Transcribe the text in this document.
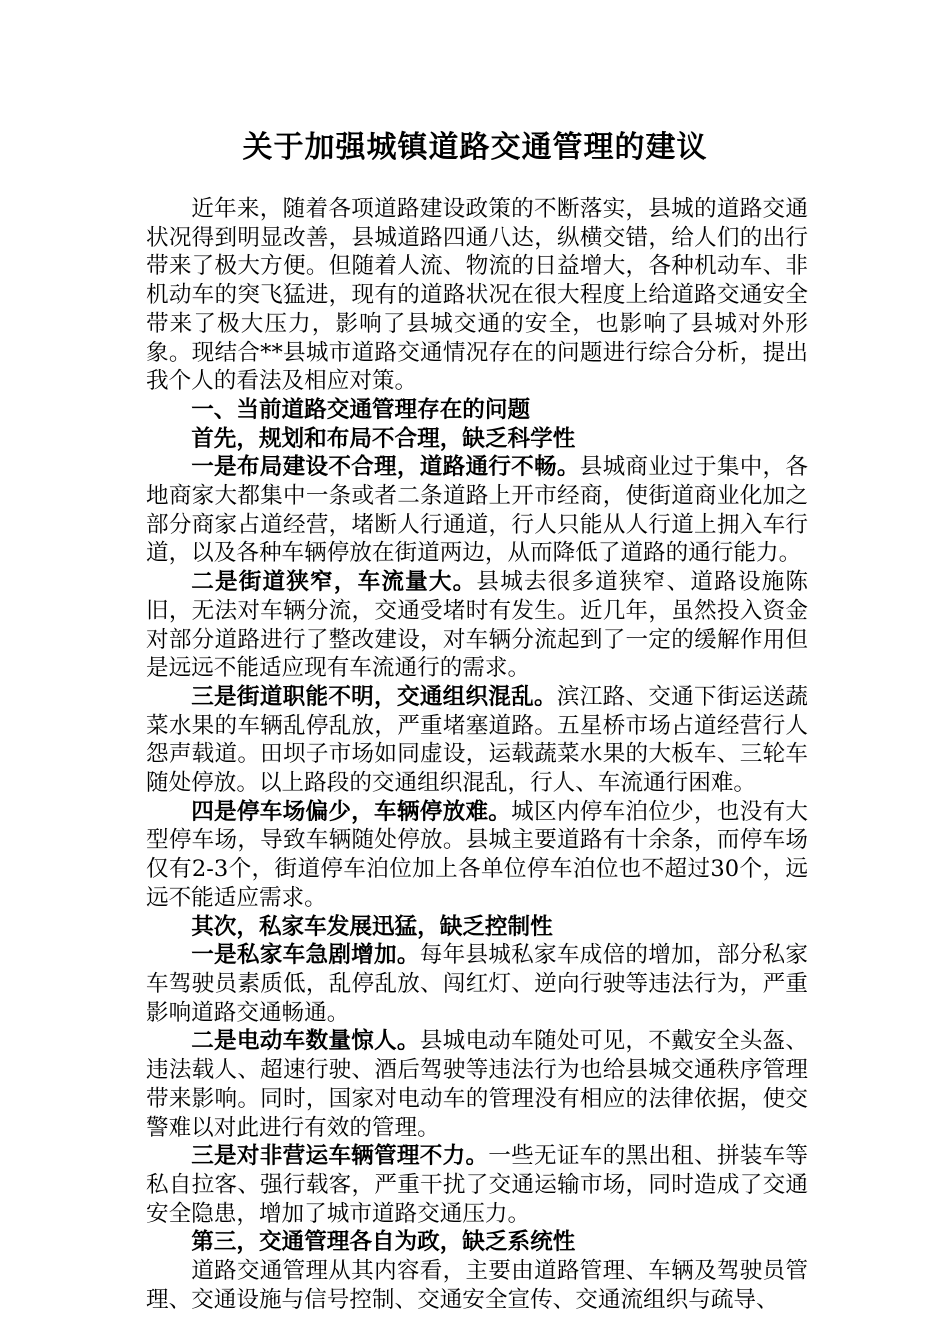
关于加强城镇道路交通管理的建议

近年来，随着各项道路建设政策的不断落实，县城的道路交通状况得到明显改善，县城道路四通八达，纵横交错，给人们的出行带来了极大方便。但随着人流、物流的日益增大，各种机动车、非机动车的突飞猛进，现有的道路状况在很大程度上给道路交通安全带来了极大压力，影响了县城交通的安全，也影响了县城对外形象。现结合**县城市道路交通情况存在的问题进行综合分析，提出我个人的看法及相应对策。

一、当前道路交通管理存在的问题

首先，规划和布局不合理，缺乏科学性

一是布局建设不合理，道路通行不畅。县城商业过于集中，各地商家大都集中一条或者二条道路上开市经商，使街道商业化加之部分商家占道经营，堵断人行通道，行人只能从人行道上拥入车行道，以及各种车辆停放在街道两边，从而降低了道路的通行能力。

二是街道狭窄，车流量大。县城去很多道狭窄、道路设施陈旧，无法对车辆分流，交通受堵时有发生。近几年，虽然投入资金对部分道路进行了整改建设，对车辆分流起到了一定的缓解作用但是远远不能适应现有车流通行的需求。

三是街道职能不明，交通组织混乱。滨江路、交通下街运送蔬菜水果的车辆乱停乱放，严重堵塞道路。五星桥市场占道经营行人怨声载道。田坝子市场如同虚设，运载蔬菜水果的大板车、三轮车随处停放。以上路段的交通组织混乱，行人、车流通行困难。

四是停车场偏少，车辆停放难。城区内停车泊位少，也没有大型停车场，导致车辆随处停放。县城主要道路有十余条，而停车场仅有2-3个，街道停车泊位加上各单位停车泊位也不超过30个，远远不能适应需求。

其次，私家车发展迅猛，缺乏控制性

一是私家车急剧增加。每年县城私家车成倍的增加，部分私家车驾驶员素质低，乱停乱放、闯红灯、逆向行驶等违法行为，严重影响道路交通畅通。

二是电动车数量惊人。县城电动车随处可见，不戴安全头盔、违法载人、超速行驶、酒后驾驶等违法行为也给县城交通秩序管理带来影响。同时，国家对电动车的管理没有相应的法律依据，使交警难以对此进行有效的管理。

三是对非营运车辆管理不力。一些无证车的黑出租、拼装车等私自拉客、强行载客，严重干扰了交通运输市场，同时造成了交通安全隐患，增加了城市道路交通压力。

第三，交通管理各自为政，缺乏系统性

道路交通管理从其内容看，主要由道路管理、车辆及驾驶员管理、交通设施与信号控制、交通安全宣传、交通流组织与疏导、
